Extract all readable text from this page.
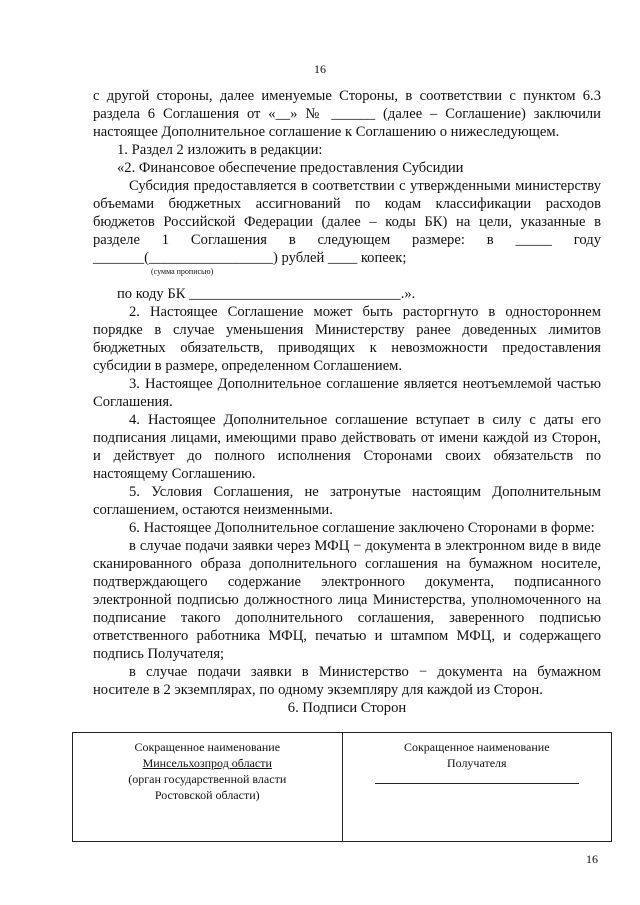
16

с другой стороны, далее именуемые Стороны, в соответствии с пунктом 6.3 раздела 6 Соглашения от «__» № ______ (далее – Соглашение) заключили настоящее Дополнительное соглашение к Соглашению о нижеследующем.

1. Раздел 2 изложить в редакции:

«2. Финансовое обеспечение предоставления Субсидии

Субсидия предоставляется в соответствии с утвержденными министерству объемами бюджетных ассигнований по кодам классификации расходов бюджетов Российской Федерации (далее – коды БК) на цели, указанные в разделе 1 Соглашения в следующем размере: в _____ году _______(_________________) рублей ____ копеек;

(сумма прописью)

по коду БК _____________________________.».

2. Настоящее Соглашение может быть расторгнуто в одностороннем порядке в случае уменьшения Министерству ранее доведенных лимитов бюджетных обязательств, приводящих к невозможности предоставления субсидии в размере, определенном Соглашением.

3. Настоящее Дополнительное соглашение является неотъемлемой частью Соглашения.

4. Настоящее Дополнительное соглашение вступает в силу с даты его подписания лицами, имеющими право действовать от имени каждой из Сторон, и действует до полного исполнения Сторонами своих обязательств по настоящему Соглашению.

5. Условия Соглашения, не затронутые настоящим Дополнительным соглашением, остаются неизменными.

6. Настоящее Дополнительное соглашение заключено Сторонами в форме:

в случае подачи заявки через МФЦ − документа в электронном виде в виде сканированного образа дополнительного соглашения на бумажном носителе, подтверждающего содержание электронного документа, подписанного электронной подписью должностного лица Министерства, уполномоченного на подписание такого дополнительного соглашения, заверенного подписью ответственного работника МФЦ, печатью и штампом МФЦ, и содержащего подпись Получателя;

в случае подачи заявки в Министерство − документа на бумажном носителе в 2 экземплярах, по одному экземпляру для каждой из Сторон.

6. Подписи Сторон

Сокращенное наименование
Минсельхозпрод области
(орган государственной власти
Ростовской области)
Сокращенное наименование
Получателя
16
